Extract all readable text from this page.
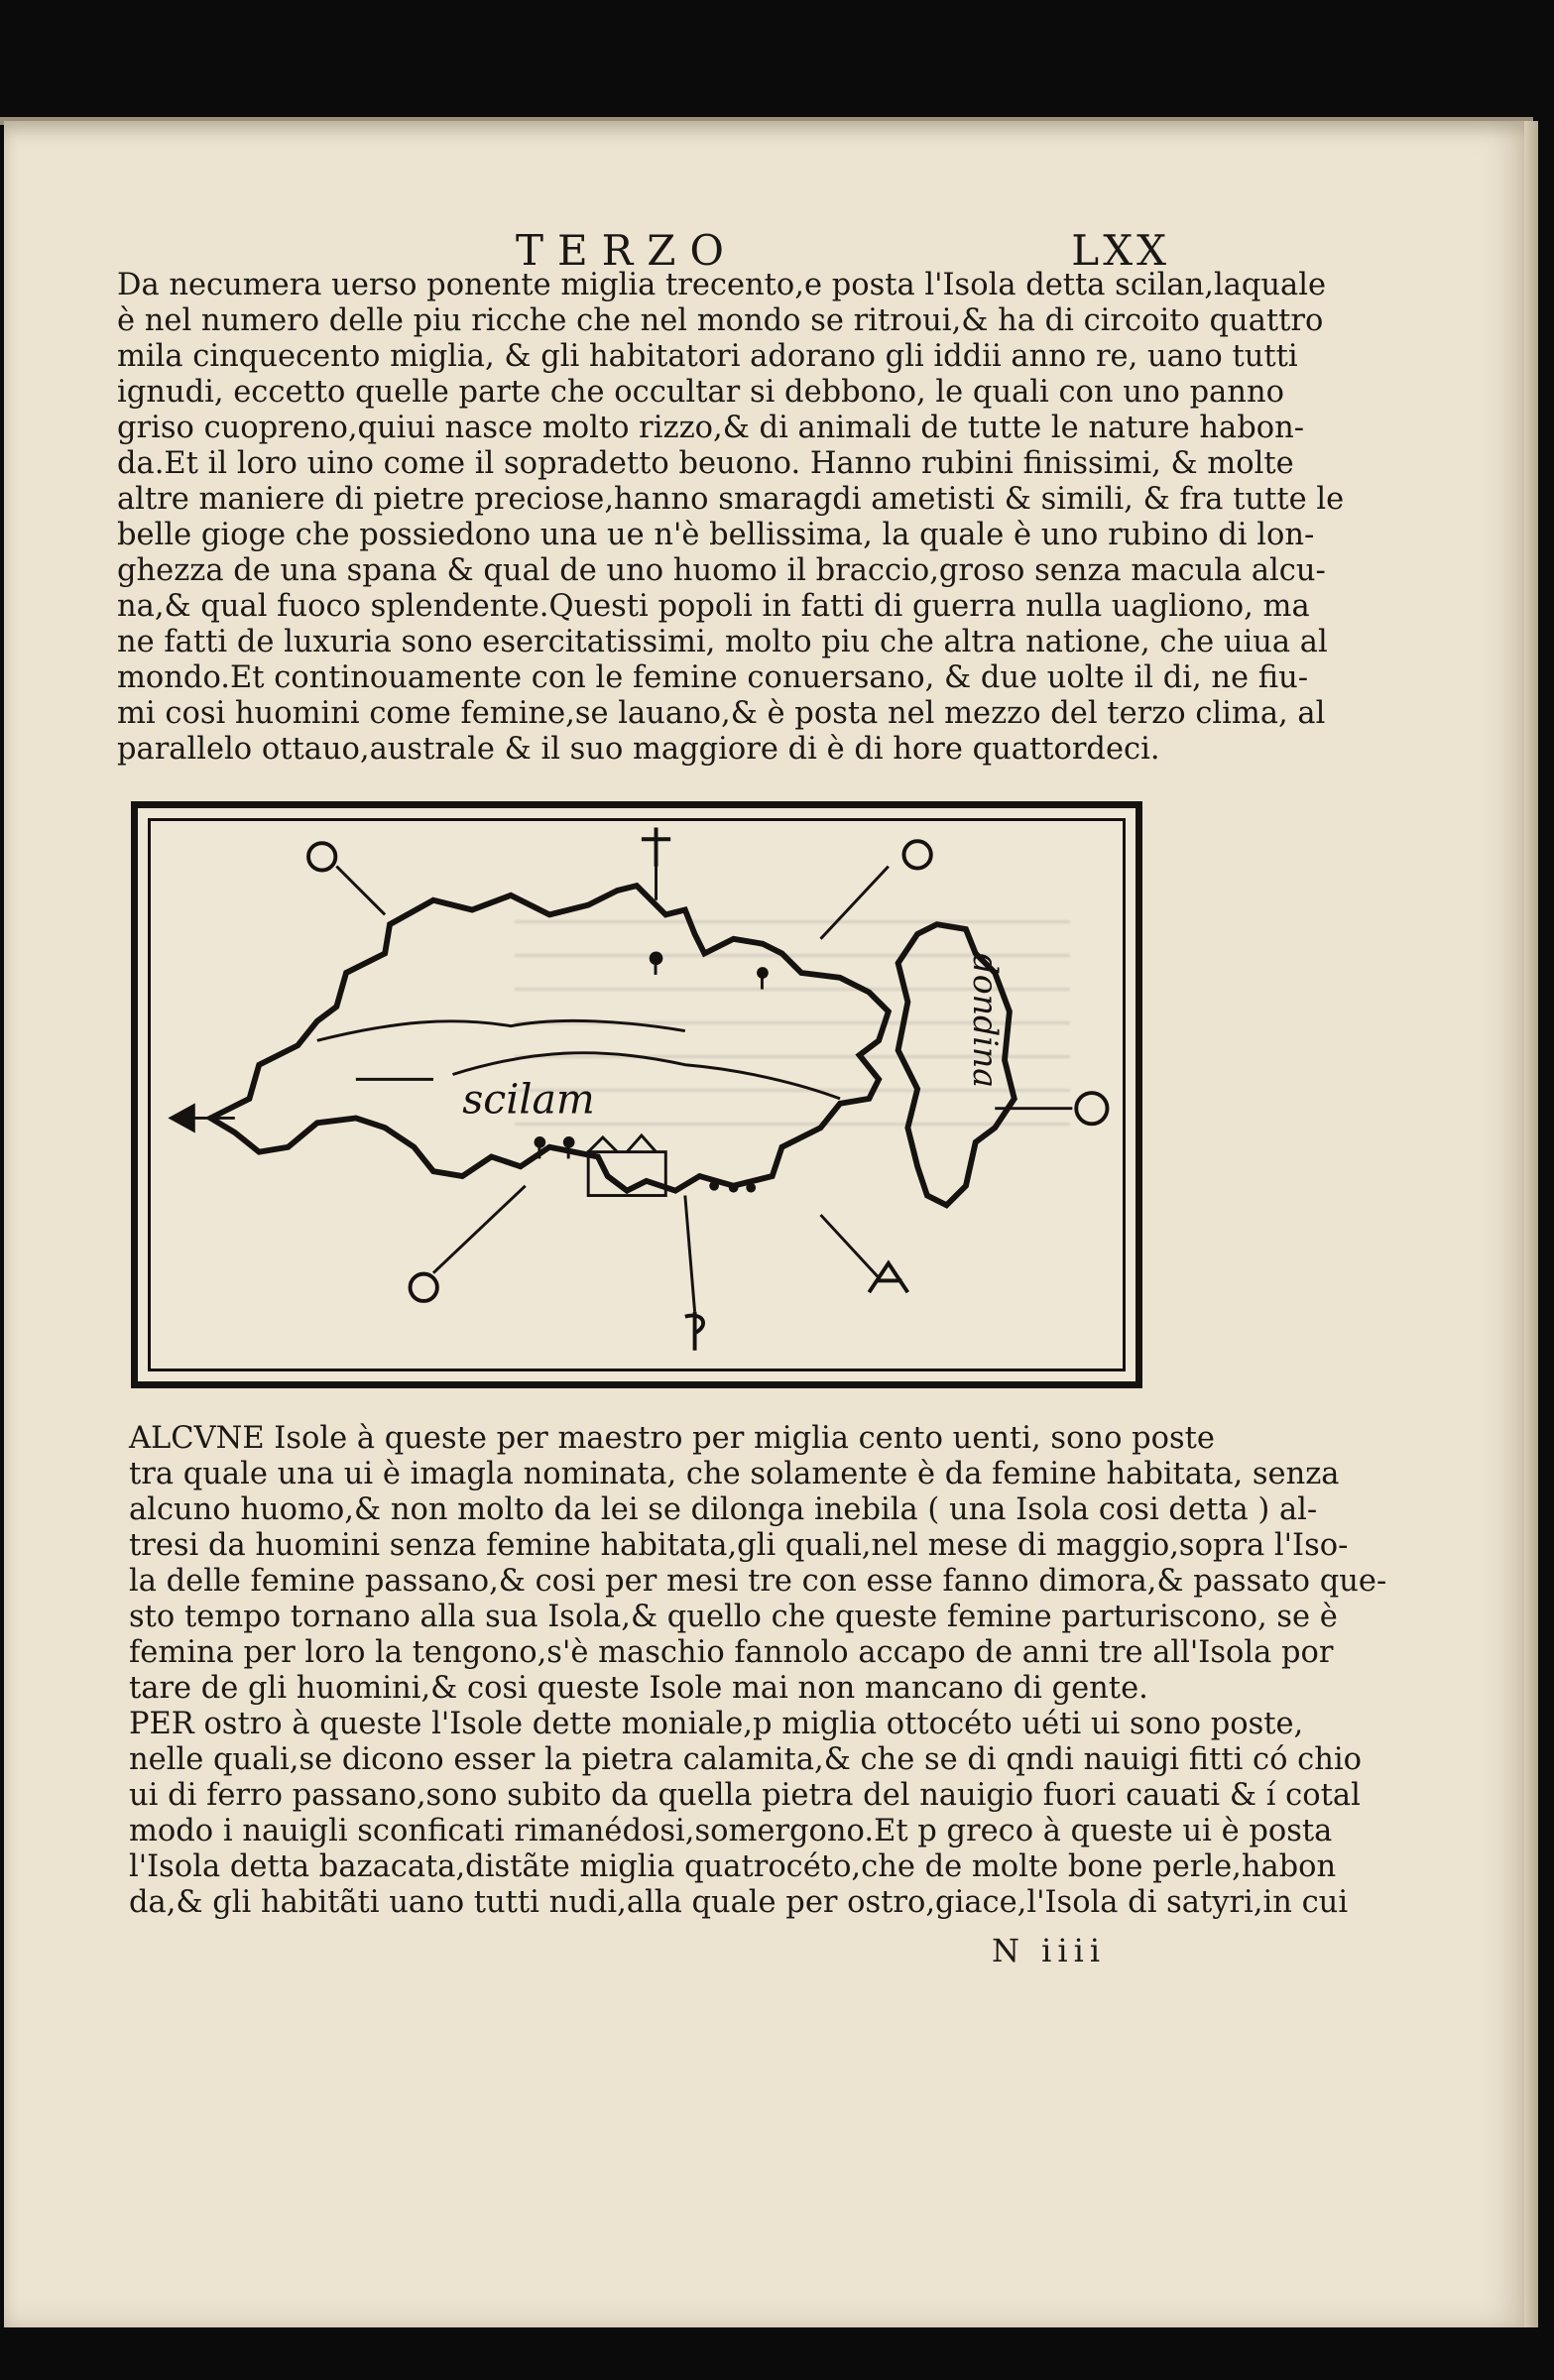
TERZO	LXX
Da necumera uerso ponente miglia trecento,e posta l'Isola detta scilan,laquale
è nel numero delle piu ricche che nel mondo se ritroui,& ha di circoito quattro
mila cinquecento miglia, & gli habitatori adorano gli iddii anno re, uano tutti
ignudi, eccetto quelle parte che occultar si debbono, le quali con uno panno
griso cuopreno,quiui nasce molto rizzo,& di animali de tutte le nature habon-
da.Et il loro uino come il sopradetto beuono. Hanno rubini finissimi, & molte
altre maniere di pietre preciose,hanno smaragdi ametisti & simili, & fra tutte le
belle gioge che possiedono una ue n'è bellissima, la quale è uno rubino di lon-
ghezza de una spana & qual de uno huomo il braccio,groso senza macula alcu-
na,& qual fuoco splendente.Questi popoli in fatti di guerra nulla uagliono, ma
ne fatti de luxuria sono esercitatissimi, molto piu che altra natione, che uiua al
mondo.Et continouamente con le femine conuersano, & due uolte il di, ne fiu-
mi cosi huomini come femine,se lauano,& è posta nel mezzo del terzo clima, al
parallelo ottauo,australe & il suo maggiore di è di hore quattordeci.
scilam
dondina
ALCVNE Isole à queste per maestro per miglia cento uenti, sono poste
tra quale una ui è imagla nominata, che solamente è da femine habitata, senza
alcuno huomo,& non molto da lei se dilonga inebila ( una Isola cosi detta ) al-
tresi da huomini senza femine habitata,gli quali,nel mese di maggio,sopra l'Iso-
la delle femine passano,& cosi per mesi tre con esse fanno dimora,& passato que-
sto tempo tornano alla sua Isola,& quello che queste femine parturiscono, se è
femina per loro la tengono,s'è maschio fannolo accapo de anni tre all'Isola por
tare de gli huomini,& cosi queste Isole mai non mancano di gente.
PER ostro à queste l'Isole dette moniale,p miglia ottocéto uéti ui sono poste,
nelle quali,se dicono esser la pietra calamita,& che se di qndi nauigi fitti có chio
ui di ferro passano,sono subito da quella pietra del nauigio fuori cauati & í cotal
modo i nauigli sconficati rimanédosi,somergono.Et p greco à queste ui è posta
l'Isola detta bazacata,distãte miglia quatrocéto,che de molte bone perle,habon
da,& gli habitãti uano tutti nudi,alla quale per ostro,giace,l'Isola di satyri,in cui
N iiii
